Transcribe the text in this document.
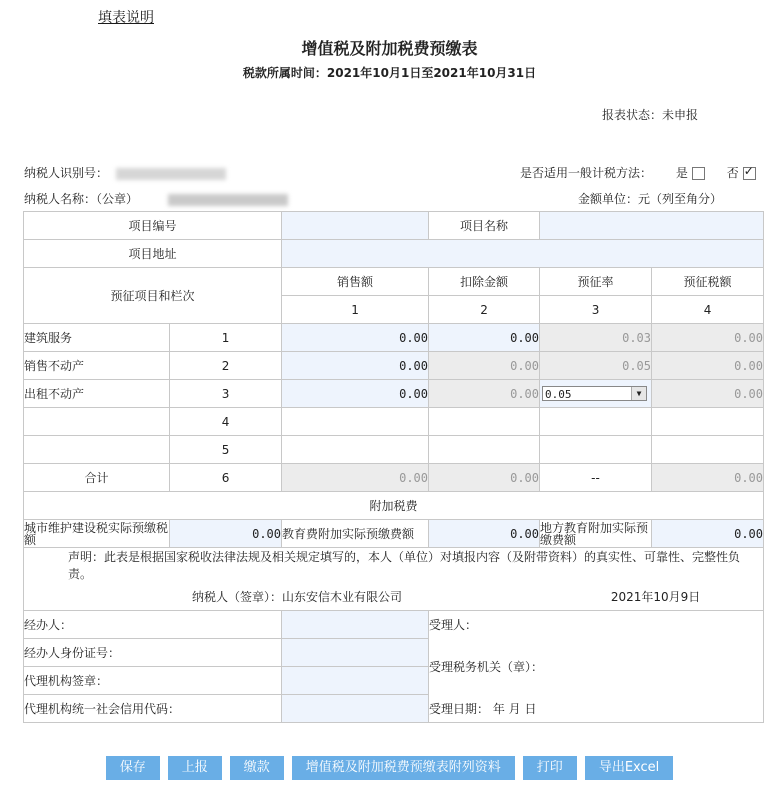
填表说明
增值税及附加税费预缴表
税款所属时间：2021年10月1日至2021年10月31日
报表状态：未申报
纳税人识别号：	是否适用一般计税方法： 是	否✓
纳税人名称：（公章）	金额单位：元（列至角分）
项目编号			项目名称		
项目地址					
预征项目和栏次		销售额	扣除金额	预征率	预征税额
		1	2	3	4
建筑服务	1	0.00	0.00	0.03	0.00
销售不动产	2	0.00	0.00	0.05	0.00
出租不动产	3	0.00	0.00	0.05 ▼	0.00
	4				
	5				
合计	6	0.00	0.00	--	0.00
附加税费					
城市维护建设税实际预缴税额	0.00	教育费附加实际预缴费额	0.00	地方教育附加实际预缴费额	0.00
声明：此表是根据国家税收法律法规及相关规定填写的，本人（单位）对填报内容（及附带资料）的真实性、可靠性、完整性负责。					
纳税人（签章）：山东安信木业有限公司 2021年10月9日					
经办人：			受理人：		
经办人身份证号：			受理税务机关（章）：		
代理机构签章：					
代理机构统一社会信用代码：			受理日期： 年 月 日		
保存	上报	缴款	增值税及附加税费预缴表附列资料	打印	导出Excel
